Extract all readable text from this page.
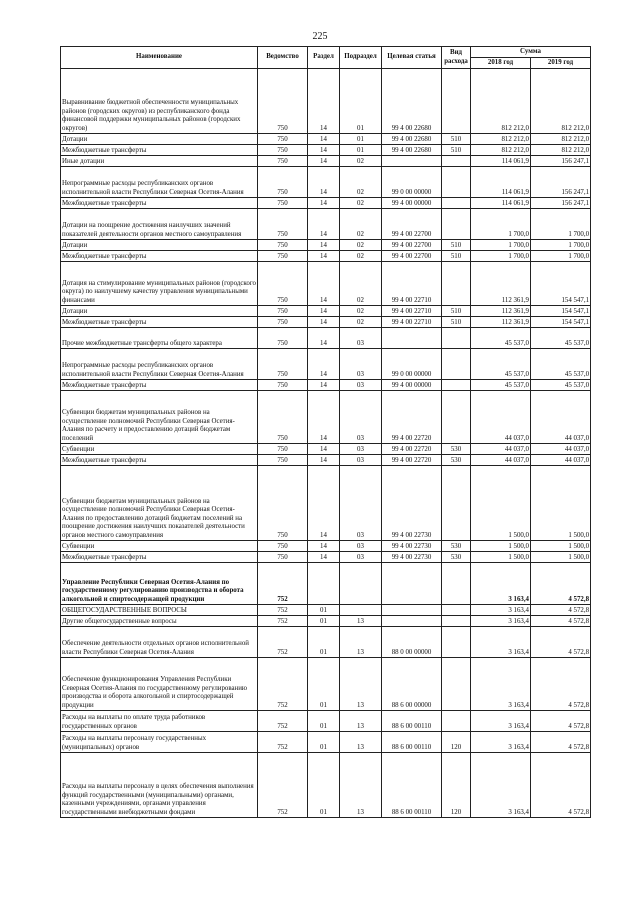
225
Наименование	Ведомство	Раздел	Подраздел	Целевая статья	Вид расхода	Сумма	
						2018 год	2019 год
Выравнивание бюджетной обеспеченности муниципальных районов (городских округов) из республиканского фонда финансовой поддержки муниципальных районов (городских округов)	750	14	01	99 4 00 22680		812 212,0	812 212,0
Дотации	750	14	01	99 4 00 22680	510	812 212,0	812 212,0
Межбюджетные трансферты	750	14	01	99 4 00 22680	510	812 212,0	812 212,0
Иные дотации	750	14	02			114 061,9	156 247,1
Непрограммные расходы республиканских органов исполнительной власти Республики Северная Осетия-Алания	750	14	02	99 0 00 00000		114 061,9	156 247,1
Межбюджетные трансферты	750	14	02	99 4 00 00000		114 061,9	156 247,1
Дотации на поощрение достижения наилучших значений показателей деятельности органов местного самоуправления	750	14	02	99 4 00 22700		1 700,0	1 700,0
Дотации	750	14	02	99 4 00 22700	510	1 700,0	1 700,0
Межбюджетные трансферты	750	14	02	99 4 00 22700	510	1 700,0	1 700,0
Дотация на стимулирование муниципальных районов (городского округа) по наилучшему качеству управления муниципальными финансами	750	14	02	99 4 00 22710		112 361,9	154 547,1
Дотации	750	14	02	99 4 00 22710	510	112 361,9	154 547,1
Межбюджетные трансферты	750	14	02	99 4 00 22710	510	112 361,9	154 547,1
Прочие межбюджетные трансферты общего характера	750	14	03			45 537,0	45 537,0
Непрограммные расходы республиканских органов исполнительной власти Республики Северная Осетия-Алания	750	14	03	99 0 00 00000		45 537,0	45 537,0
Межбюджетные трансферты	750	14	03	99 4 00 00000		45 537,0	45 537,0
Субвенции бюджетам муниципальных районов на осуществление полномочий Республики Северная Осетия-Алания по расчету и предоставлению дотаций бюджетам поселений	750	14	03	99 4 00 22720		44 037,0	44 037,0
Субвенции	750	14	03	99 4 00 22720	530	44 037,0	44 037,0
Межбюджетные трансферты	750	14	03	99 4 00 22720	530	44 037,0	44 037,0
Субвенции бюджетам муниципальных районов на осуществление полномочий Республики Северная Осетия-Алания по предоставлению дотаций бюджетам поселений на поощрение достижения наилучших показателей деятельности органов местного самоуправления	750	14	03	99 4 00 22730		1 500,0	1 500,0
Субвенции	750	14	03	99 4 00 22730	530	1 500,0	1 500,0
Межбюджетные трансферты	750	14	03	99 4 00 22730	530	1 500,0	1 500,0
Управление Республики Северная Осетия-Алания по государственному регулированию производства и оборота алкогольной и спиртосодержащей продукции	752					3 163,4	4 572,8
ОБЩЕГОСУДАРСТВЕННЫЕ ВОПРОСЫ	752	01				3 163,4	4 572,8
Другие общегосударственные вопросы	752	01	13			3 163,4	4 572,8
Обеспечение деятельности отдельных органов исполнительной власти Республики Северная Осетия-Алания	752	01	13	88 0 00 00000		3 163,4	4 572,8
Обеспечение функционирования Управления Республики Северная Осетия-Алания по государственному регулированию производства и оборота алкогольной и спиртосодержащей продукции	752	01	13	88 6 00 00000		3 163,4	4 572,8
Расходы на выплаты по оплате труда работников государственных органов	752	01	13	88 6 00 00110		3 163,4	4 572,8
Расходы на выплаты персоналу государственных (муниципальных) органов	752	01	13	88 6 00 00110	120	3 163,4	4 572,8
Расходы на выплаты персоналу в целях обеспечения выполнения функций государственными (муниципальными) органами, казенными учреждениями, органами управления государственными внебюджетными фондами	752	01	13	88 6 00 00110	120	3 163,4	4 572,8
